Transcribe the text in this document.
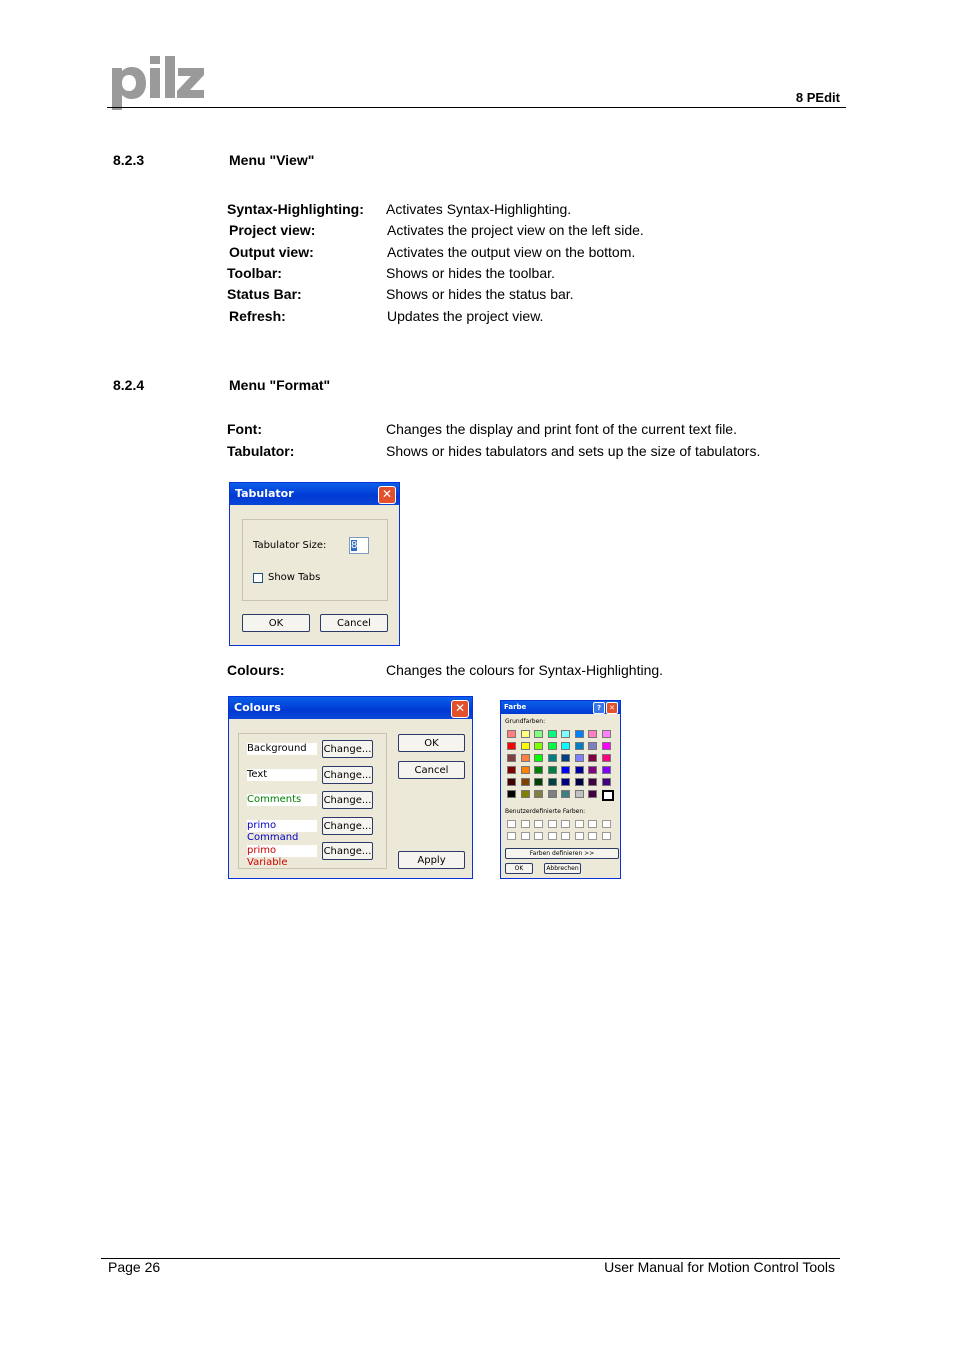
8 PEdit
8.2.3	Menu "View"
Syntax-Highlighting: Activates Syntax-Highlighting.
Project view:	Activates the project view on the left side.
Output view:	Activates the output view on the bottom.
Toolbar:	Shows or hides the toolbar.
Status Bar:	Shows or hides the status bar.
Refresh:	Updates the project view.
8.2.4	Menu "Format"
Font:	Changes the display and print font of the current text file.
Tabulator:	Shows or hides tabulators and sets up the size of tabulators.
Tabulator	✕
Tabulator Size: 8
Show Tabs
OK	Cancel
Colours:	Changes the colours for Syntax-Highlighting.
Colours	✕
Background	Change...
Text	Change...
Comments	Change...
primo Command
Change...
primo Variable
Change...
OK
Cancel
Apply
Farbe	?	✕
Grundfarben:
Benutzerdefinierte Farben:
Farben definieren >>
OK	Abbrechen
Page 26	User Manual for Motion Control Tools
